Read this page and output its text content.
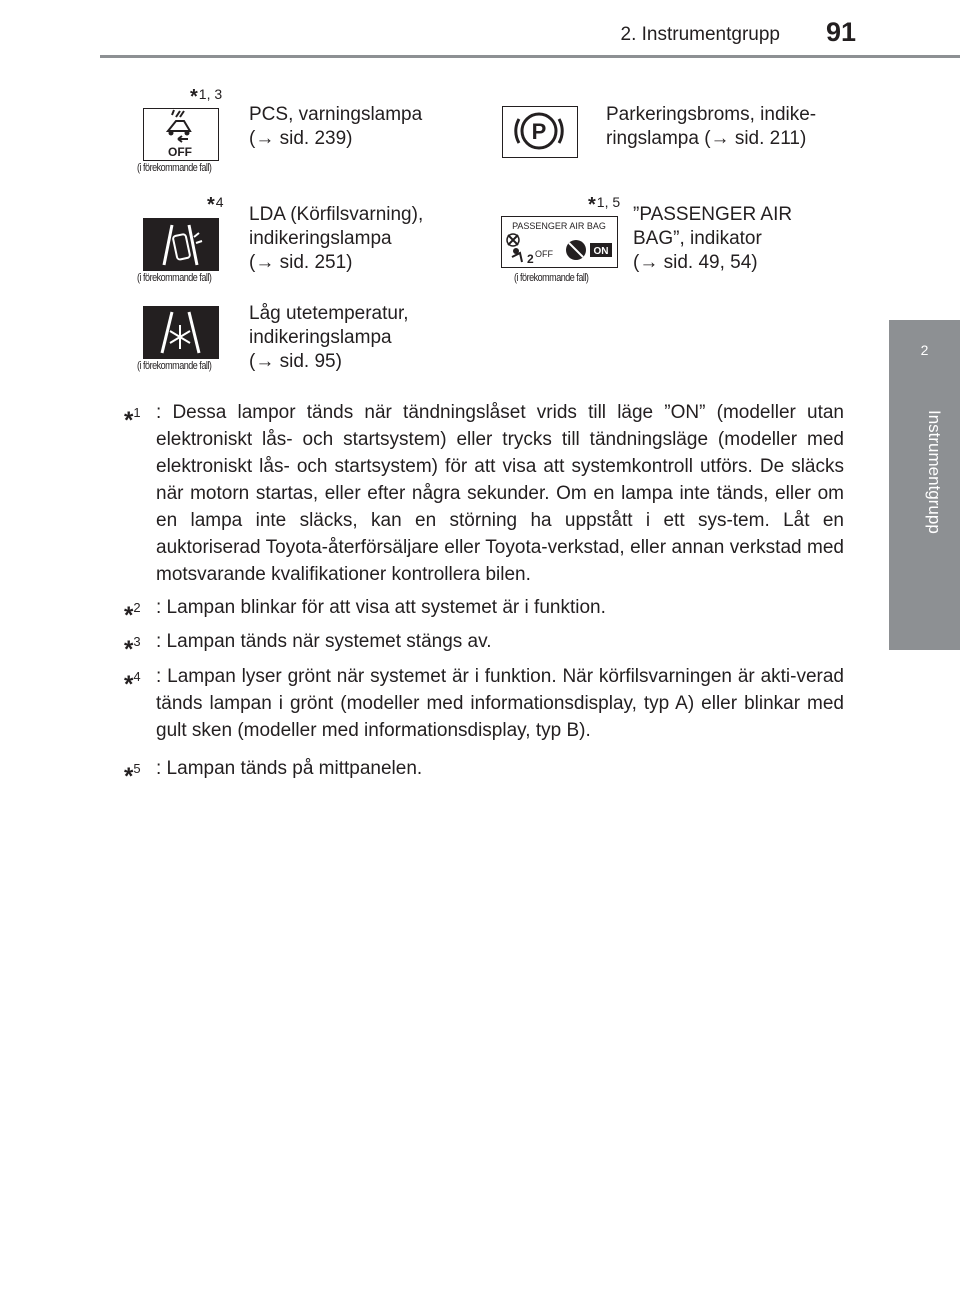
2. Instrumentgrupp 91
2
Instrumentgrupp
*1, 3
OFF
(i förekommande fall)
PCS, varningslampa
(→ sid. 239)	P
Parkeringsbroms, indike-
ringslampa (→ sid. 211)
*4
(i förekommande fall)
LDA (Körfilsvarning),
indikeringslampa
(→ sid. 251)
*1, 5
PASSENGER AIR BAG
2 OFF	ON
(i förekommande fall)
”PASSENGER AIR
BAG”, indikator
(→ sid. 49, 54)
(i förekommande fall)
Låg utetemperatur,
indikeringslampa
(→ sid. 95)
*$^1$ : Dessa lampor tänds när tändningslåset vrids till läge ”ON” (modeller utan elektroniskt lås- och startsystem) eller trycks till tändningsläge (modeller med elektroniskt lås- och startsystem) för att visa att systemkontroll utförs. De släcks när motorn startas, eller efter några sekunder. Om en lampa inte tänds, eller om en lampa inte släcks, kan en störning ha uppstått i ett sys-tem. Låt en auktoriserad Toyota-återförsäljare eller Toyota-verkstad, eller annan verkstad med motsvarande kvalifikationer kontrollera bilen.
*$^2$ : Lampan blinkar för att visa att systemet är i funktion.
*$^3$ : Lampan tänds när systemet stängs av.
*$^4$ : Lampan lyser grönt när systemet är i funktion. När körfilsvarningen är akti-verad tänds lampan i grönt (modeller med informationsdisplay, typ A) eller blinkar med gult sken (modeller med informationsdisplay, typ B).
*$^5$ : Lampan tänds på mittpanelen.
